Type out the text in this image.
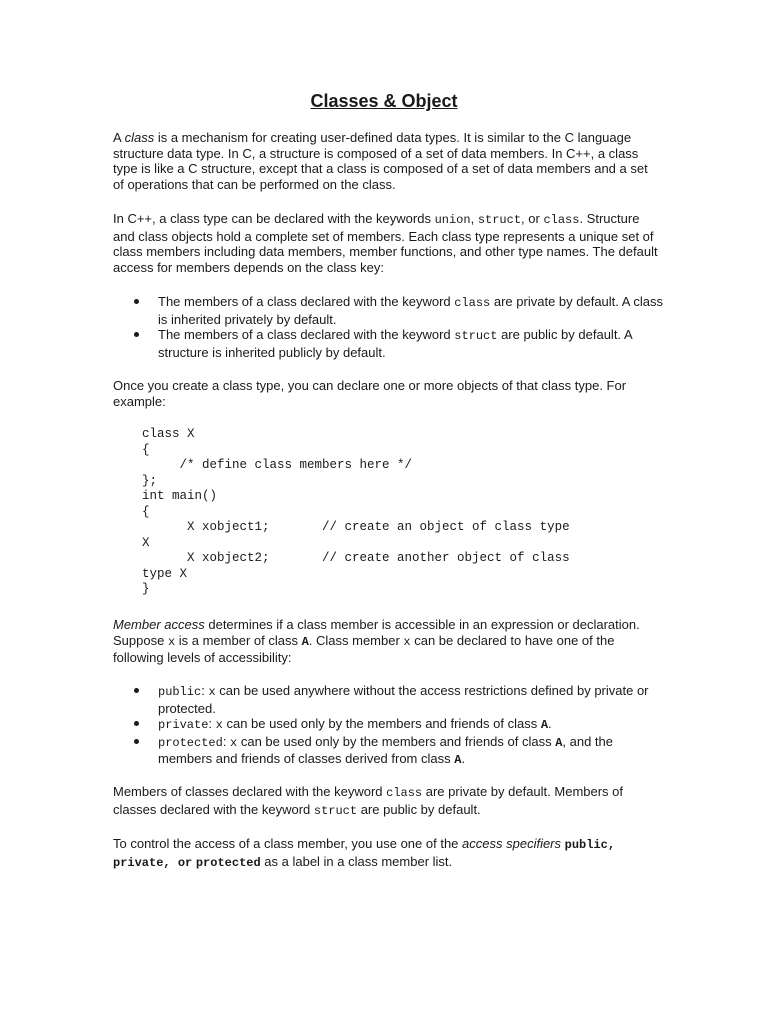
Classes & Object

A class is a mechanism for creating user-defined data types. It is similar to the C language structure data type. In C, a structure is composed of a set of data members. In C++, a class type is like a C structure, except that a class is composed of a set of data members and a set of operations that can be performed on the class.

In C++, a class type can be declared with the keywords union, struct, or class. Structure and class objects hold a complete set of members. Each class type represents a unique set of class members including data members, member functions, and other type names. The default access for members depends on the class key:

The members of a class declared with the keyword class are private by default. A class is inherited privately by default.
The members of a class declared with the keyword struct are public by default. A structure is inherited publicly by default.

Once you create a class type, you can declare one or more objects of that class type. For example:

class X
{
/* define class members here */
};
int main()
{
X xobject1;       // create an object of class type
X
X xobject2;       // create another object of class
type X
}

Member access determines if a class member is accessible in an expression or declaration. Suppose x is a member of class A. Class member x can be declared to have one of the following levels of accessibility:

public: x can be used anywhere without the access restrictions defined by private or protected.
private: x can be used only by the members and friends of class A.
protected: x can be used only by the members and friends of class A, and the members and friends of classes derived from class A.

Members of classes declared with the keyword class are private by default. Members of classes declared with the keyword struct are public by default.

To control the access of a class member, you use one of the access specifiers public, private, or protected as a label in a class member list.
